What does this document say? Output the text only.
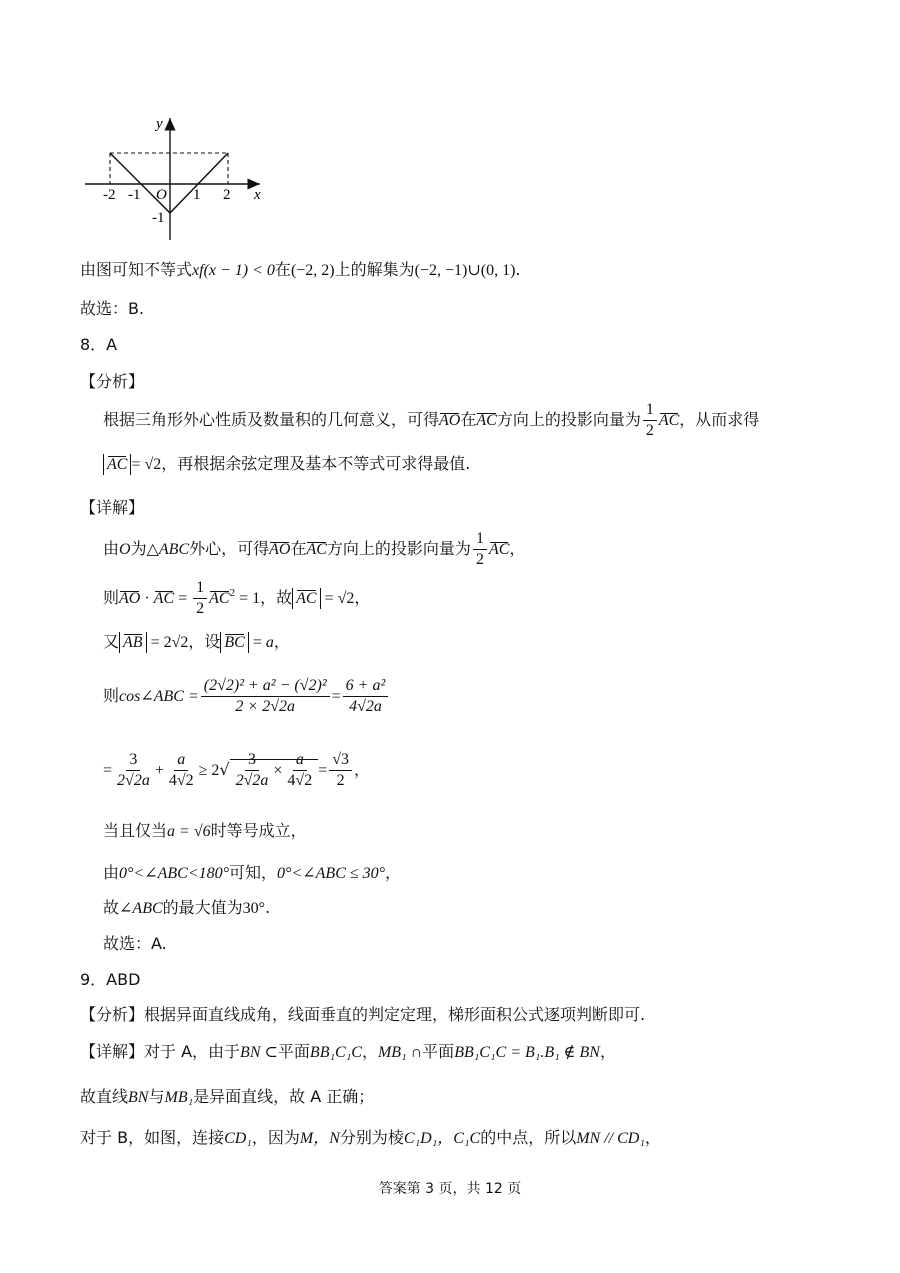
y
x
O
-2 -1	1 2
-1
由图可知不等式xf(x − 1) < 0在(−2, 2)上的解集为(−2, −1)∪(0, 1).
故选：B.
8．A
【分析】
根据三角形外心性质及数量积的几何意义，可得AO在AC方向上的投影向量为 $\frac{1}{2}$ AC，从而求得
AC = √2，再根据余弦定理及基本不等式可求得最值.
【详解】
由O为△ABC外心，可得AO在AC方向上的投影向量为 $\frac{1}{2}$ AC，
则AO · AC = $\frac{1}{2} AC^2 = 1$，故 AC = √2，
又 AB = 2√2，设 BC = a，
则cos∠ABC = $\frac{\text{(2√2)² + a² − (√2)²}}{2 \times 2√2a} = \frac{\text{6 + a²}}{4√2a}$
= $\frac{3}{2√2a} + \frac{a}{4√2} \ge 2√ \frac{3}{2√2a} \times \frac{a}{4√2} = \frac{√3}{2}$ ，
当且仅当a = √6时等号成立，
由0°<∠ABC<180°可知，0°<∠ABC ≤ 30°，
故∠ABC的最大值为30°.
故选：A.
9．ABD
【分析】根据异面直线成角，线面垂直的判定定理，梯形面积公式逐项判断即可.
【详解】对于 A，由于BN ⊂平面BB₁C₁C，MB₁ ∩平面BB₁C₁C = B₁.B₁ ∉ BN，
故直线BN与MB₁是异面直线，故 A 正确；
对于 B，如图，连接CD₁，因为M，N分别为棱C₁D₁，C₁C的中点，所以MN // CD₁，
答案第 3 页，共 12 页
